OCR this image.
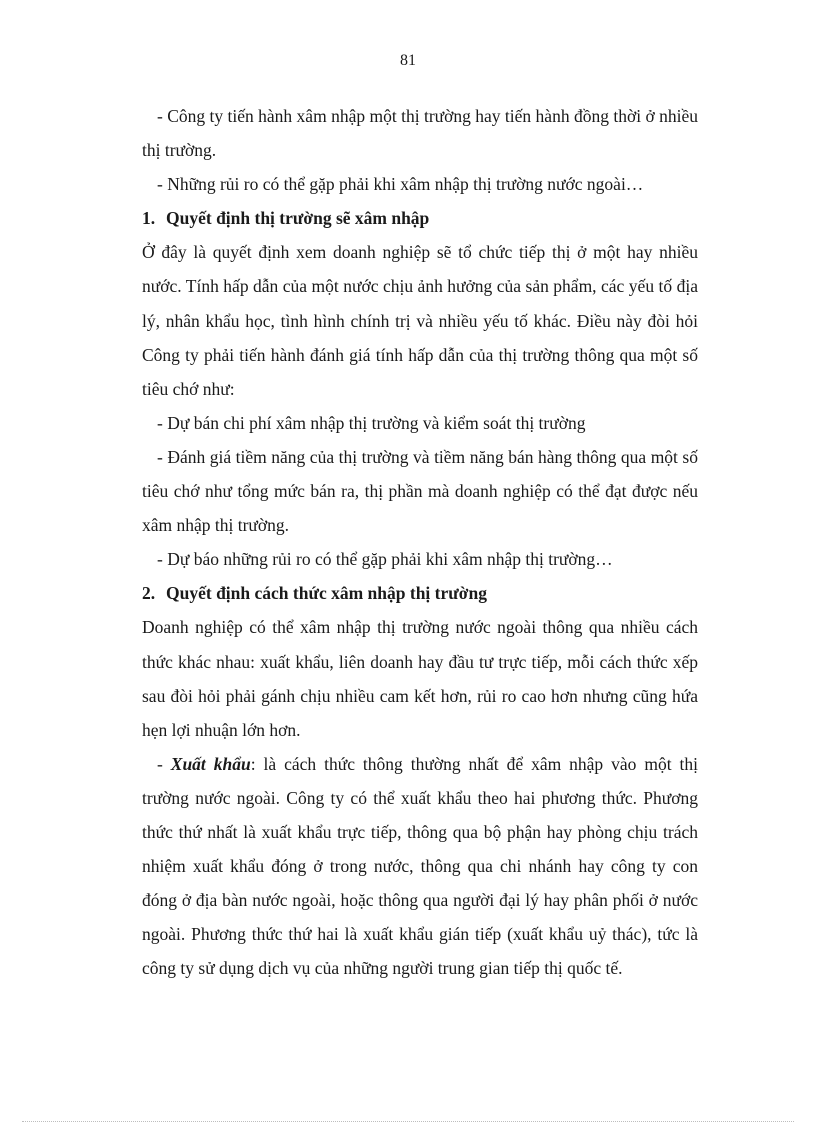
81

- Công ty tiến hành xâm nhập một thị trường hay tiến hành đồng thời ở nhiều thị trường.

- Những rủi ro có thể gặp phải khi xâm nhập thị trường nước ngoài…

1. Quyết định thị trường sẽ xâm nhập

Ở đây là quyết định xem doanh nghiệp sẽ tổ chức tiếp thị ở một hay nhiều nước. Tính hấp dẫn của một nước chịu ảnh hưởng của sản phẩm, các yếu tố địa lý, nhân khẩu học, tình hình chính trị và nhiều yếu tố khác. Điều này đòi hỏi Công ty phải tiến hành đánh giá tính hấp dẫn của thị trường thông qua một số tiêu chớ như:

- Dự bán chi phí xâm nhập thị trường và kiểm soát thị trường

- Đánh giá tiềm năng của thị trường và tiềm năng bán hàng thông qua một số tiêu chớ như tổng mức bán ra, thị phần mà doanh nghiệp có thể đạt được nếu xâm nhập thị trường.

- Dự báo những rủi ro có thể gặp phải khi xâm nhập thị trường…

2. Quyết định cách thức xâm nhập thị trường

Doanh nghiệp có thể xâm nhập thị trường nước ngoài thông qua nhiều cách thức khác nhau: xuất khẩu, liên doanh hay đầu tư trực tiếp, mỗi cách thức xếp sau đòi hỏi phải gánh chịu nhiều cam kết hơn, rủi ro cao hơn nhưng cũng hứa hẹn lợi nhuận lớn hơn.

- Xuất khẩu: là cách thức thông thường nhất để xâm nhập vào một thị trường nước ngoài. Công ty có thể xuất khẩu theo hai phương thức. Phương thức thứ nhất là xuất khẩu trực tiếp, thông qua bộ phận hay phòng chịu trách nhiệm xuất khẩu đóng ở trong nước, thông qua chi nhánh hay công ty con đóng ở địa bàn nước ngoài, hoặc thông qua người đại lý hay phân phối ở nước ngoài. Phương thức thứ hai là xuất khẩu gián tiếp (xuất khẩu uỷ thác), tức là công ty sử dụng dịch vụ của những người trung gian tiếp thị quốc tế.
